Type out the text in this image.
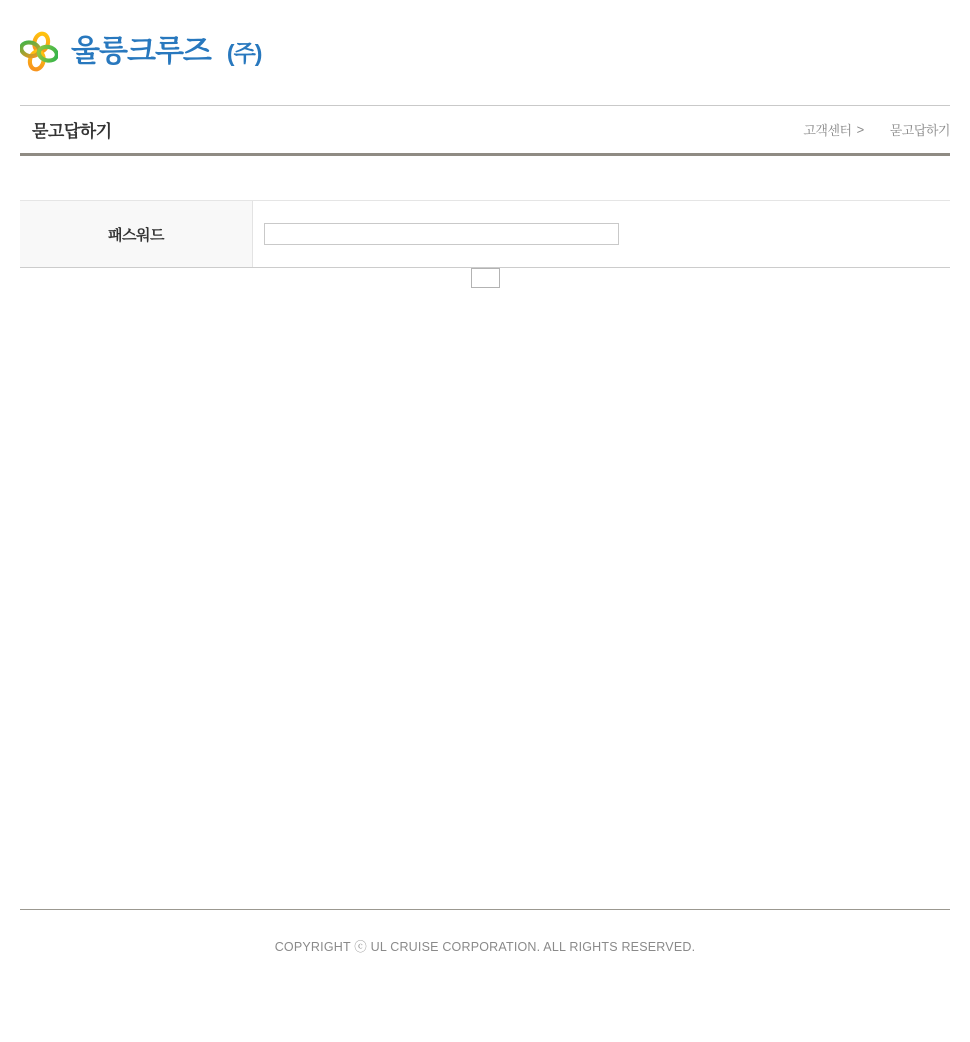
울릉크루즈 (주)
묻고답하기	고객센터 > 묻고답하기
패스워드

COPYRIGHT ⓒ UL CRUISE CORPORATION. ALL RIGHTS RESERVED.
